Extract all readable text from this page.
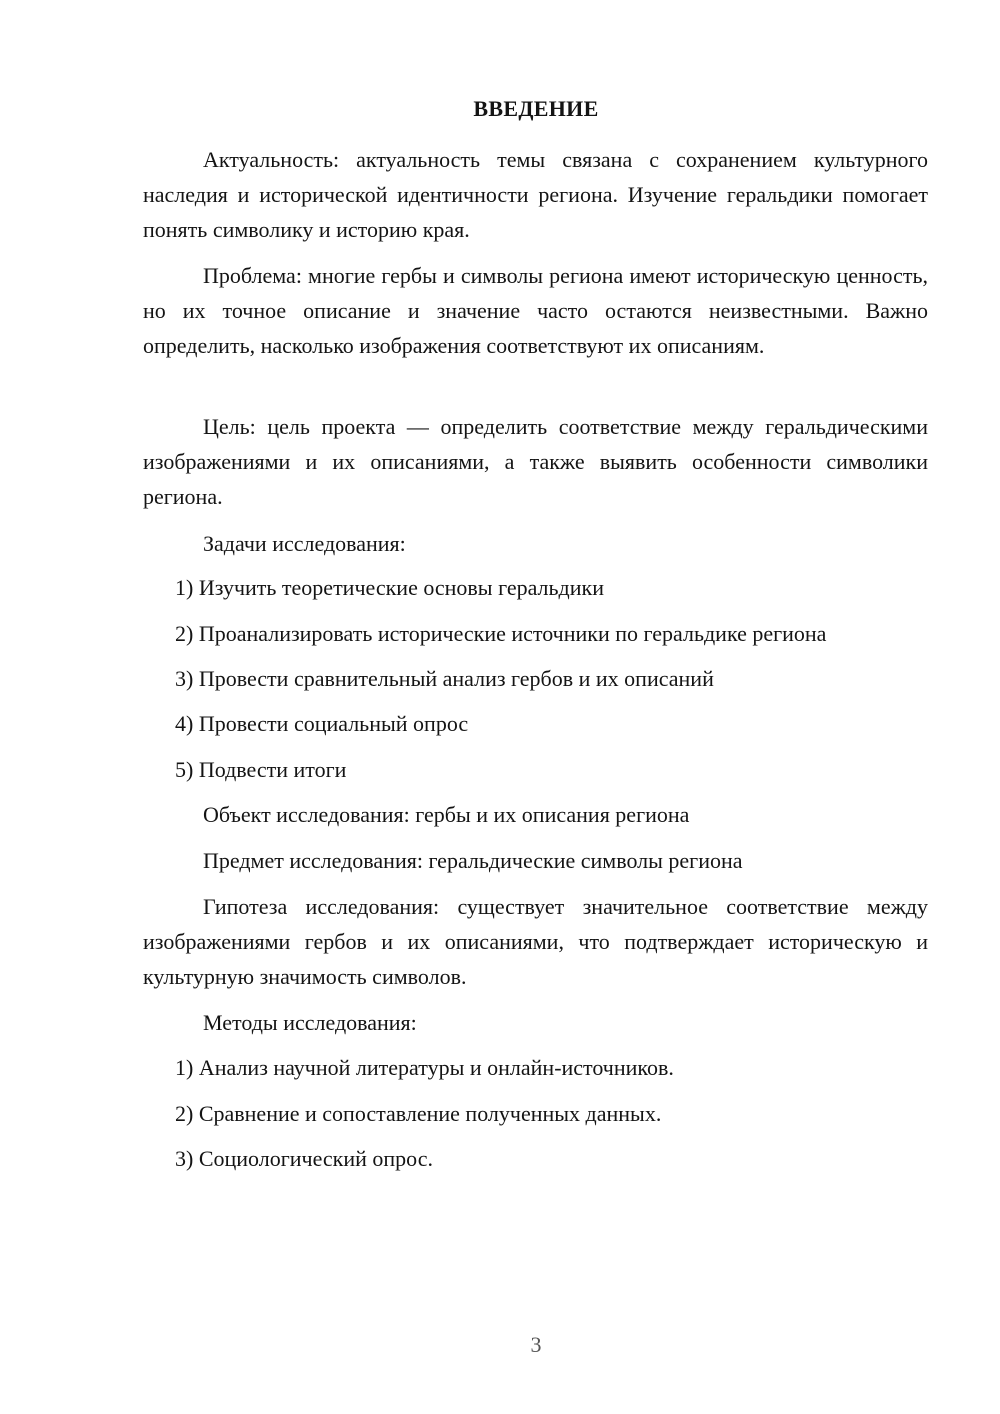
ВВЕДЕНИЕ

Актуальность: актуальность темы связана с сохранением культурного наследия и исторической идентичности региона. Изучение геральдики помогает понять символику и историю края.

Проблема: многие гербы и символы региона имеют историческую ценность, но их точное описание и значение часто остаются неизвестными. Важно определить, насколько изображения соответствуют их описаниям.

Цель: цель проекта — определить соответствие между геральдическими изображениями и их описаниями, а также выявить особенности символики региона.

Задачи исследования:

1) Изучить теоретические основы геральдики

2) Проанализировать исторические источники по геральдике региона

3) Провести сравнительный анализ гербов и их описаний

4) Провести социальный опрос

5) Подвести итоги

Объект исследования: гербы и их описания региона

Предмет исследования: геральдические символы региона

Гипотеза исследования: существует значительное соответствие между изображениями гербов и их описаниями, что подтверждает историческую и культурную значимость символов.

Методы исследования:

1) Анализ научной литературы и онлайн-источников.

2) Сравнение и сопоставление полученных данных.

3) Социологический опрос.

3
